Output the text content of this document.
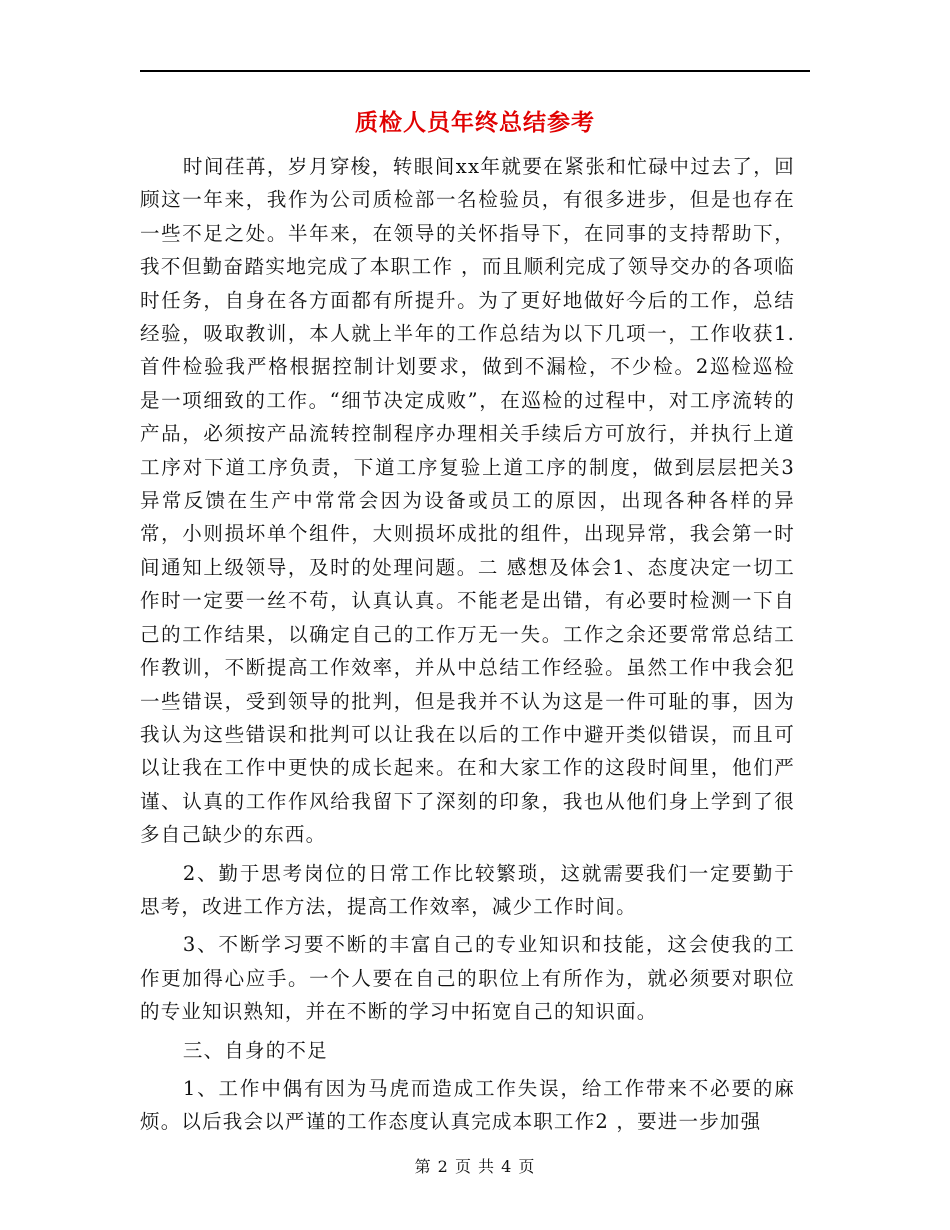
质检人员年终总结参考

时间荏苒，岁月穿梭，转眼间xx年就要在紧张和忙碌中过去了，回顾这一年来，我作为公司质检部一名检验员，有很多进步，但是也存在一些不足之处。半年来，在领导的关怀指导下，在同事的支持帮助下，我不但勤奋踏实地完成了本职工作 ，而且顺利完成了领导交办的各项临时任务，自身在各方面都有所提升。为了更好地做好今后的工作，总结经验，吸取教训，本人就上半年的工作总结为以下几项一，工作收获1.首件检验我严格根据控制计划要求，做到不漏检，不少检。2巡检巡检是一项细致的工作。“细节决定成败”，在巡检的过程中，对工序流转的产品，必须按产品流转控制程序办理相关手续后方可放行，并执行上道工序对下道工序负责，下道工序复验上道工序的制度，做到层层把关3异常反馈在生产中常常会因为设备或员工的原因，出现各种各样的异常，小则损坏单个组件，大则损坏成批的组件，出现异常，我会第一时间通知上级领导，及时的处理问题。二 感想及体会1、态度决定一切工作时一定要一丝不苟，认真认真。不能老是出错，有必要时检测一下自己的工作结果，以确定自己的工作万无一失。工作之余还要常常总结工作教训，不断提高工作效率，并从中总结工作经验。虽然工作中我会犯一些错误，受到领导的批判，但是我并不认为这是一件可耻的事，因为我认为这些错误和批判可以让我在以后的工作中避开类似错误，而且可以让我在工作中更快的成长起来。在和大家工作的这段时间里，他们严谨、认真的工作作风给我留下了深刻的印象，我也从他们身上学到了很多自己缺少的东西。

2、勤于思考岗位的日常工作比较繁琐，这就需要我们一定要勤于思考，改进工作方法，提高工作效率，减少工作时间。

3、不断学习要不断的丰富自己的专业知识和技能，这会使我的工作更加得心应手。一个人要在自己的职位上有所作为，就必须要对职位的专业知识熟知，并在不断的学习中拓宽自己的知识面。

三、自身的不足

1、工作中偶有因为马虎而造成工作失误，给工作带来不必要的麻烦。以后我会以严谨的工作态度认真完成本职工作2 ，要进一步加强

第 2 页 共 4 页
